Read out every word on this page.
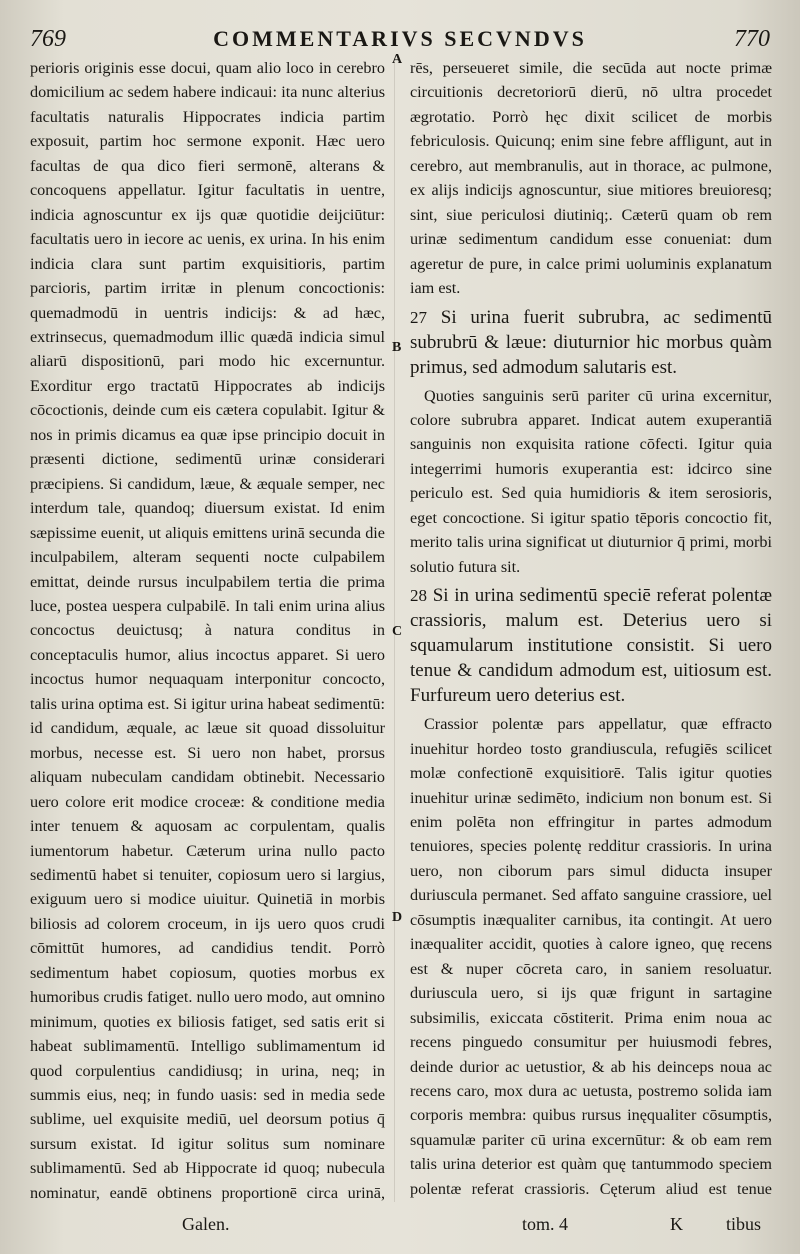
769	COMMENTARIVS SECVNDVS	770

perioris originis esse docui, quam alio loco in cerebro domicilium ac sedem habere indicaui: ita nunc alterius facultatis naturalis Hippocrates indicia partim exposuit, partim hoc sermone exponit. Hæc uero facultas de qua dico fieri sermonē, alterans & concoquens appellatur. Igitur facultatis in uentre, indicia agnoscuntur ex ijs quæ quotidie deijciūtur: facultatis uero in iecore ac uenis, ex urina. In his enim indicia clara sunt partim exquisitioris, partim parcioris, partim irritæ in plenum concoctionis: quemadmodū in uentris indicijs: & ad hæc, extrinsecus, quemadmodum illic quædā indicia simul aliarū dispositionū, pari modo hic excernuntur. Exorditur ergo tractatū Hippocrates ab indicijs cōcoctionis, deinde cum eis cætera copulabit. Igitur & nos in primis dicamus ea quæ ipse principio docuit in præsenti dictione, sedimentū urinæ considerari præcipiens. Si candidum, læue, & æquale semper, nec interdum tale, quandoq; diuersum existat. Id enim sæpissime euenit, ut aliquis emittens urinā secunda die inculpabilem, alteram sequenti nocte culpabilem emittat, deinde rursus inculpabilem tertia die prima luce, postea uespera culpabilē. In tali enim urina alius concoctus deuictusq; à natura conditus in conceptaculis humor, alius incoctus apparet. Si uero incoctus humor nequaquam interponitur concocto, talis urina optima est. Si igitur urina habeat sedimentū: id candidum, æquale, ac læue sit quoad dissoluitur morbus, necesse est. Si uero non habet, prorsus aliquam nubeculam candidam obtinebit. Necessario uero colore erit modice croceæ: & conditione media inter tenuem & aquosam ac corpulentam, qualis iumentorum habetur. Cæterum urina nullo pacto sedimentū habet si tenuiter, copiosum uero si largius, exiguum uero si modice uiuitur. Quinetiā in morbis biliosis ad colorem croceum, in ijs uero quos crudi cōmittūt humores, ad candidius tendit. Porrò sedimentum habet copiosum, quoties morbus ex humoribus crudis fatiget. nullo uero modo, aut omnino minimum, quoties ex biliosis fatiget, sed satis erit si habeat sublimamentū. Intelligo sublimamentum id quod corpulentius candidiusq; in urina, neq; in summis eius, neq; in fundo uasis: sed in media sede sublime, uel exquisite mediū, uel deorsum potius q̄ sursum existat. Id igitur solitus sum nominare sublimamentū. Sed ab Hippocrate id quoq; nubecula nominatur, eandē obtinens proportionē circa urinā,

A
B
C
D

rēs, perseueret simile, die secūda aut nocte primæ circuitionis decretoriorū dierū, nō ultra procedet ægrotatio. Porrò hęc dixit scilicet de morbis febriculosis. Quicunq; enim sine febre affligunt, aut in cerebro, aut membranulis, aut in thorace, ac pulmone, ex alijs indicijs agnoscuntur, siue mitiores breuioresq; sint, siue periculosi diutiniq;. Cæterū quam ob rem urinæ sedimentum candidum esse conueniat: dum ageretur de pure, in calce primi uoluminis explanatum iam est.

27 Si urina fuerit subrubra, ac sedimentū subrubrū & læue: diuturnior hic morbus quàm primus, sed admodum salutaris est.

Quoties sanguinis serū pariter cū urina excernitur, colore subrubra apparet. Indicat autem exuperantiā sanguinis non exquisita ratione cōfecti. Igitur quia integerrimi humoris exuperantia est: idcirco sine periculo est. Sed quia humidioris & item serosioris, eget concoctione. Si igitur spatio tēporis concoctio fit, merito talis urina significat ut diuturnior q̄ primi, morbi solutio futura sit.

28 Si in urina sedimentū speciē referat polentæ crassioris, malum est. Deterius uero si squamularum institutione consistit. Si uero tenue & candidum admodum est, uitiosum est. Furfureum uero deterius est.

Crassior polentæ pars appellatur, quæ effracto inuehitur hordeo tosto grandiuscula, refugiēs scilicet molæ confectionē exquisitiorē. Talis igitur quoties inuehitur urinæ sedimēto, indicium non bonum est. Si enim polēta non effringitur in partes admodum tenuiores, species polentę redditur crassioris. In urina uero, non ciborum pars simul diducta insuper duriuscula permanet. Sed affato sanguine crassiore, uel cōsumptis inæqualiter carnibus, ita contingit. At uero inæqualiter accidit, quoties à calore igneo, quę recens est & nuper cōcreta caro, in saniem resoluatur. duriuscula uero, si ijs quæ frigunt in sartagine subsimilis, exiccata cōstiterit. Prima enim noua ac recens pinguedo consumitur per huiusmodi febres, deinde durior ac uetustior, & ab his deinceps noua ac recens caro, mox dura ac uetusta, postremo solida iam corporis membra: quibus rursus inęqualiter cōsumptis, squamulæ pariter cū urina excernūtur: & ob eam rem talis urina deterior est quàm quę tantummodo speciem polentæ referat crassioris. Cęterum aliud est tenue

Galen.	tom. 4	K tibus
